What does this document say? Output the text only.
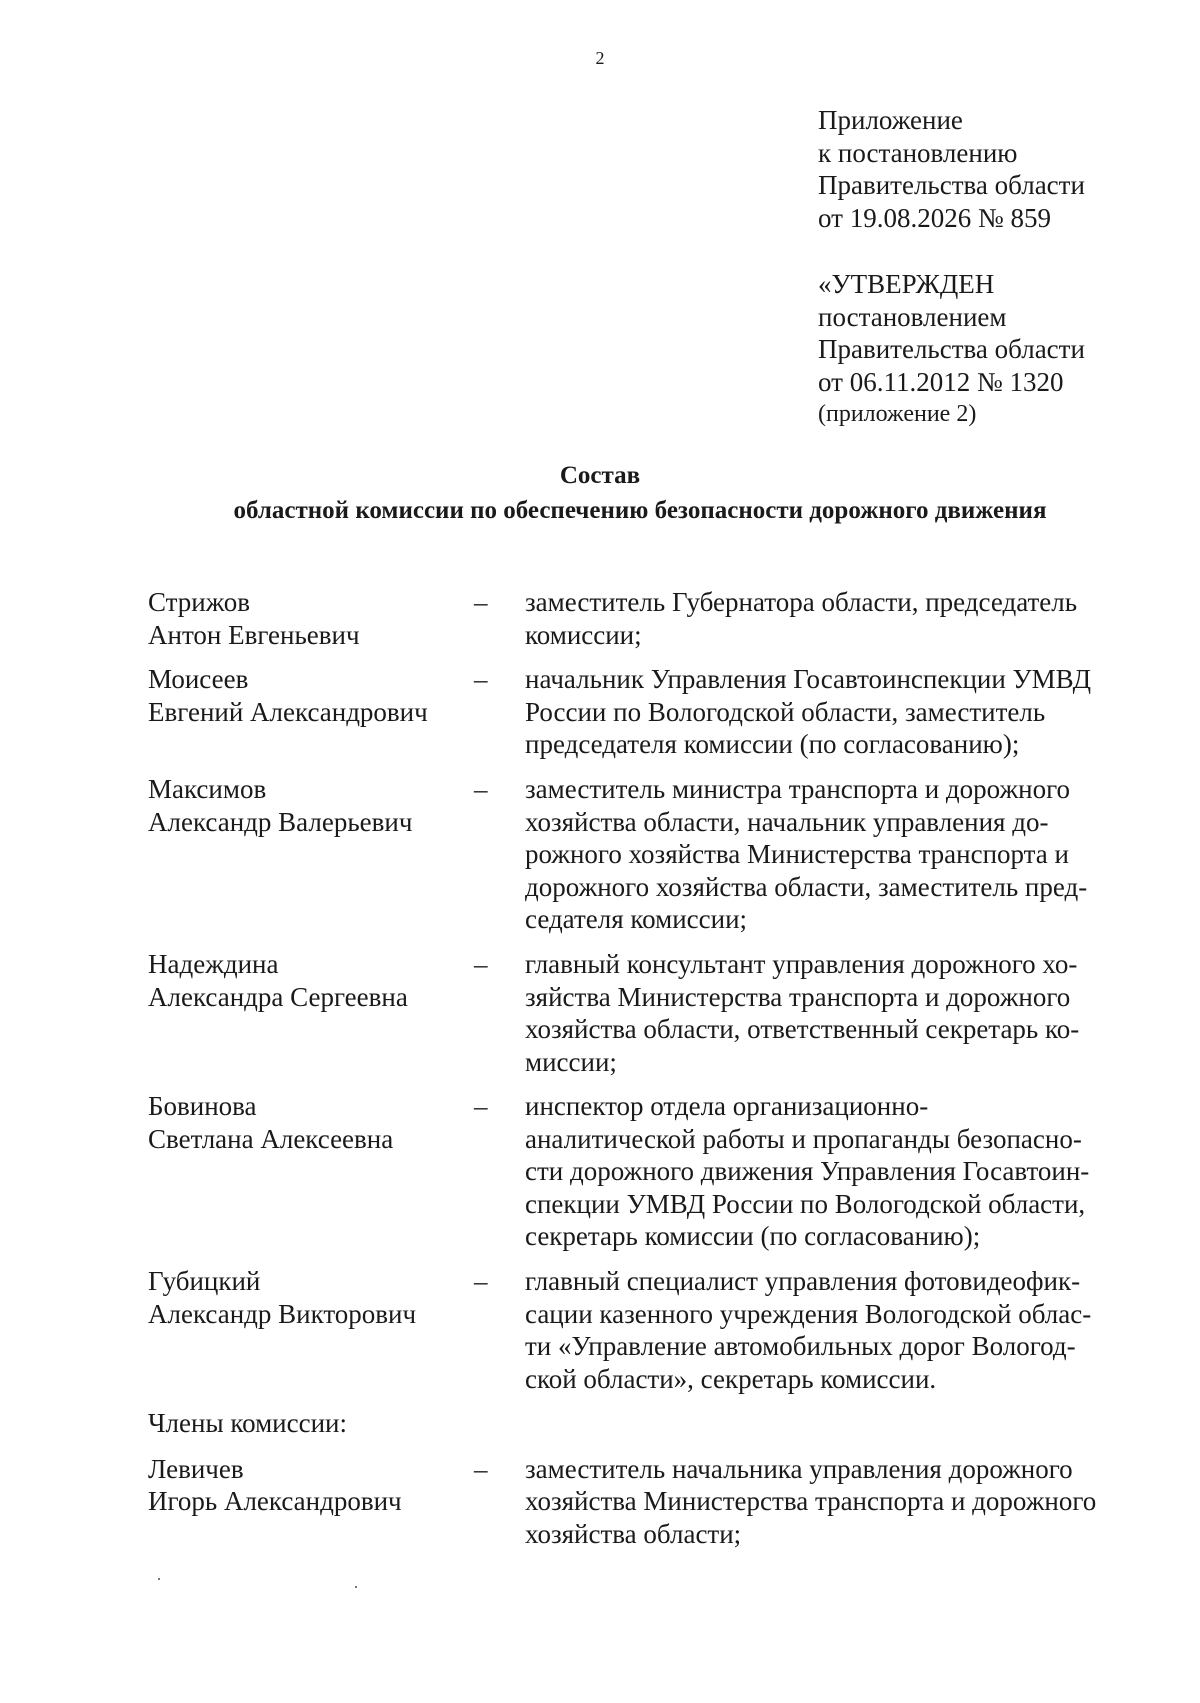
2
Приложение
к постановлению
Правительства области
от 19.08.2026 № 859
«УТВЕРЖДЕН
постановлением
Правительства области
от 06.11.2012 № 1320
(приложение 2)
Состав
областной комиссии по обеспечению безопасности дорожного движения
Стрижов
Антон Евгеньевич
–	заместитель Губернатора области, председатель
комиссии;
Моисеев
Евгений Александрович
–	начальник Управления Госавтоинспекции УМВД
России по Вологодской области, заместитель
председателя комиссии (по согласованию);
Максимов
Александр Валерьевич
–	заместитель министра транспорта и дорожного
хозяйства области, начальник управления до-
рожного хозяйства Министерства транспорта и
дорожного хозяйства области, заместитель пред-
седателя комиссии;
Надеждина
Александра Сергеевна
–	главный консультант управления дорожного хо-
зяйства Министерства транспорта и дорожного
хозяйства области, ответственный секретарь ко-
миссии;
Бовинова
Светлана Алексеевна
–	инспектор отдела организационно-
аналитической работы и пропаганды безопасно-
сти дорожного движения Управления Госавтоин-
спекции УМВД России по Вологодской области,
секретарь комиссии (по согласованию);
Губицкий
Александр Викторович
–	главный специалист управления фотовидеофик-
сации казенного учреждения Вологодской облас-
ти «Управление автомобильных дорог Вологод-
ской области», секретарь комиссии.
Члены комиссии:
Левичев
Игорь Александрович
–	заместитель начальника управления дорожного
хозяйства Министерства транспорта и дорожного
хозяйства области;
